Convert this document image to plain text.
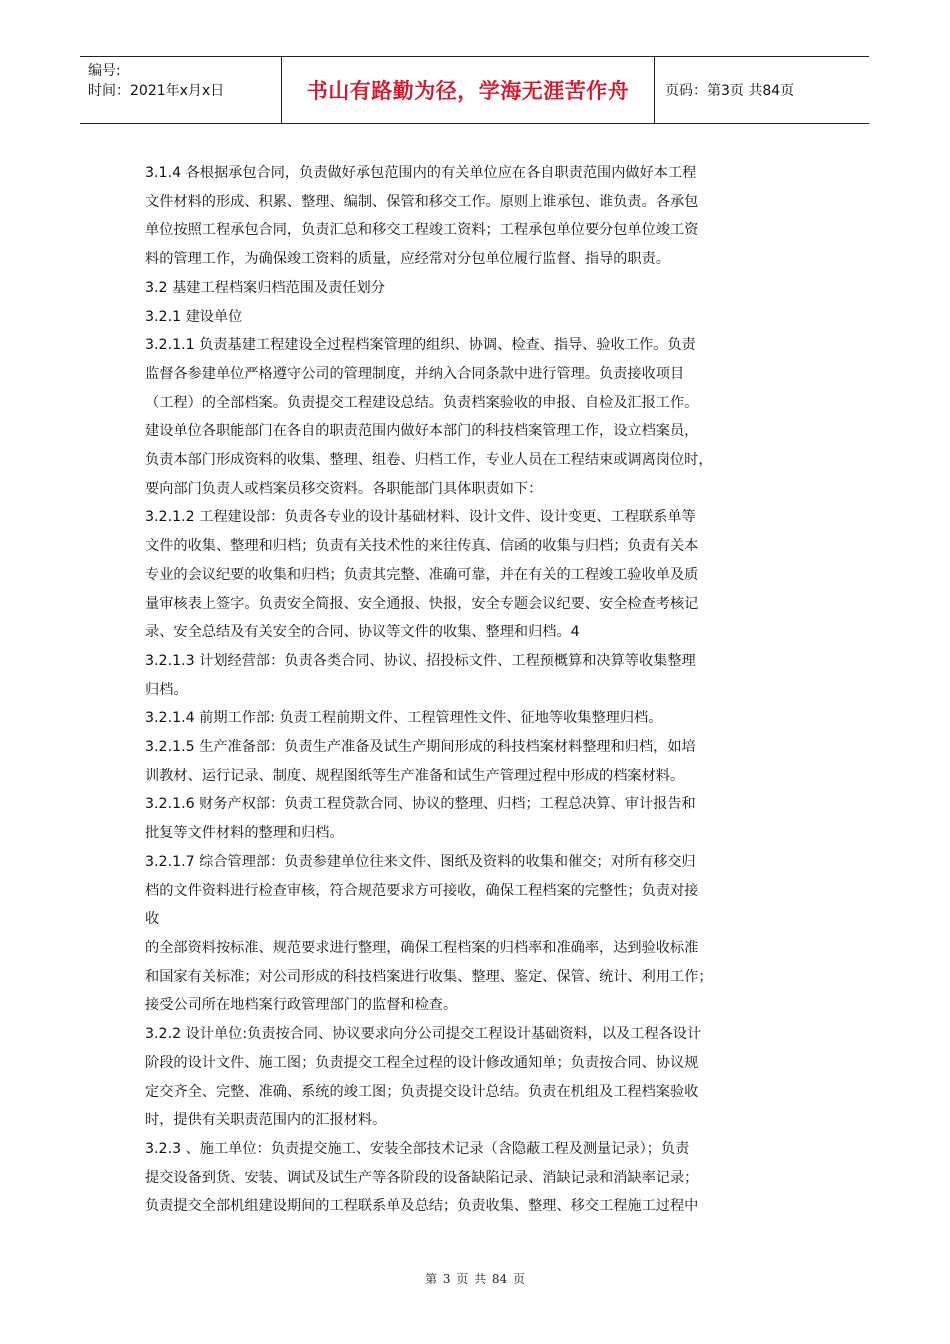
编号:
时间：2021年x月x日	书山有路勤为径，学海无涯苦作舟	页码：第3页 共84页

3.1.4 各根据承包合同，负责做好承包范围内的有关单位应在各自职责范围内做好本工程

文件材料的形成、积累、整理、编制、保管和移交工作。原则上谁承包、谁负责。各承包

单位按照工程承包合同，负责汇总和移交工程竣工资料；工程承包单位要分包单位竣工资

料的管理工作，为确保竣工资料的质量，应经常对分包单位履行监督、指导的职责。

3.2 基建工程档案归档范围及责任划分

3.2.1 建设单位

3.2.1.1 负责基建工程建设全过程档案管理的组织、协调、检查、指导、验收工作。负责

监督各参建单位严格遵守公司的管理制度，并纳入合同条款中进行管理。负责接收项目

（工程）的全部档案。负责提交工程建设总结。负责档案验收的申报、自检及汇报工作。

建设单位各职能部门在各自的职责范围内做好本部门的科技档案管理工作，设立档案员，

负责本部门形成资料的收集、整理、组卷、归档工作，专业人员在工程结束或调离岗位时，

要向部门负责人或档案员移交资料。各职能部门具体职责如下：

3.2.1.2 工程建设部：负责各专业的设计基础材料、设计文件、设计变更、工程联系单等

文件的收集、整理和归档；负责有关技术性的来往传真、信函的收集与归档；负责有关本

专业的会议纪要的收集和归档；负责其完整、准确可靠，并在有关的工程竣工验收单及质

量审核表上签字。负责安全简报、安全通报、快报，安全专题会议纪要、安全检查考核记

录、安全总结及有关安全的合同、协议等文件的收集、整理和归档。4

3.2.1.3 计划经营部：负责各类合同、协议、招投标文件、工程预概算和决算等收集整理

归档。

3.2.1.4 前期工作部: 负责工程前期文件、工程管理性文件、征地等收集整理归档。

3.2.1.5 生产准备部：负责生产准备及试生产期间形成的科技档案材料整理和归档，如培

训教材、运行记录、制度、规程图纸等生产准备和试生产管理过程中形成的档案材料。

3.2.1.6 财务产权部：负责工程贷款合同、协议的整理、归档；工程总决算、审计报告和

批复等文件材料的整理和归档。

3.2.1.7 综合管理部：负责参建单位往来文件、图纸及资料的收集和催交；对所有移交归

档的文件资料进行检查审核，符合规范要求方可接收，确保工程档案的完整性；负责对接

收

的全部资料按标准、规范要求进行整理，确保工程档案的归档率和准确率，达到验收标准

和国家有关标准；对公司形成的科技档案进行收集、整理、鉴定、保管、统计、利用工作；

接受公司所在地档案行政管理部门的监督和检查。

3.2.2 设计单位:负责按合同、协议要求向分公司提交工程设计基础资料，以及工程各设计

阶段的设计文件、施工图；负责提交工程全过程的设计修改通知单；负责按合同、协议规

定交齐全、完整、准确、系统的竣工图；负责提交设计总结。负责在机组及工程档案验收

时，提供有关职责范围内的汇报材料。

3.2.3 、施工单位：负责提交施工、安装全部技术记录（含隐蔽工程及测量记录）；负责

提交设备到货、安装、调试及试生产等各阶段的设备缺陷记录、消缺记录和消缺率记录；

负责提交全部机组建设期间的工程联系单及总结；负责收集、整理、移交工程施工过程中

第 3 页 共 84 页
